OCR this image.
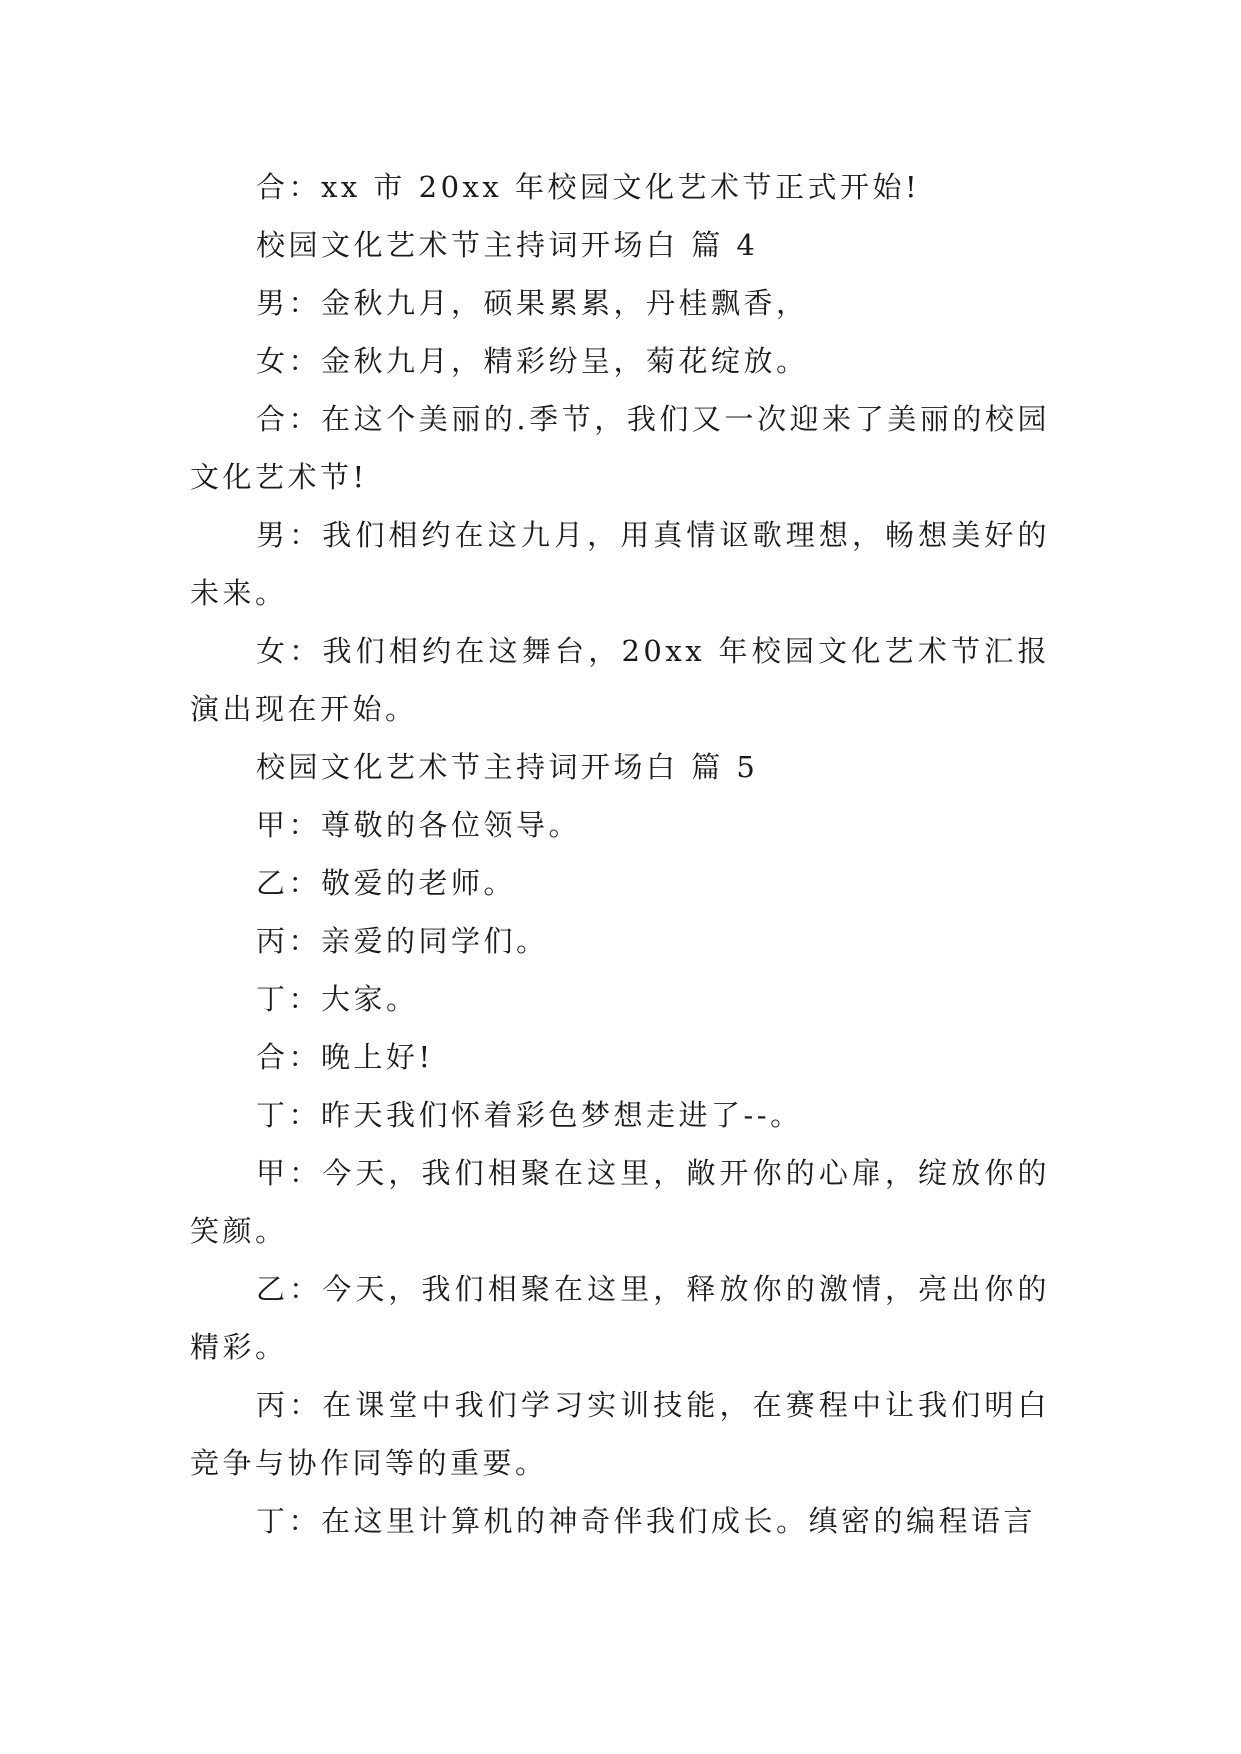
合：xx 市 20xx 年校园文化艺术节正式开始!

校园文化艺术节主持词开场白 篇 4

男：金秋九月，硕果累累，丹桂飘香，

女：金秋九月，精彩纷呈，菊花绽放。

合：在这个美丽的.季节，我们又一次迎来了美丽的校园文化艺术节!

男：我们相约在这九月，用真情讴歌理想，畅想美好的未来。

女：我们相约在这舞台，20xx 年校园文化艺术节汇报演出现在开始。

校园文化艺术节主持词开场白 篇 5

甲：尊敬的各位领导。

乙：敬爱的老师。

丙：亲爱的同学们。

丁：大家。

合：晚上好!

丁：昨天我们怀着彩色梦想走进了--。

甲：今天，我们相聚在这里，敞开你的心扉，绽放你的笑颜。

乙：今天，我们相聚在这里，释放你的激情，亮出你的精彩。

丙：在课堂中我们学习实训技能，在赛程中让我们明白竞争与协作同等的重要。

丁：在这里计算机的神奇伴我们成长。缜密的编程语言
